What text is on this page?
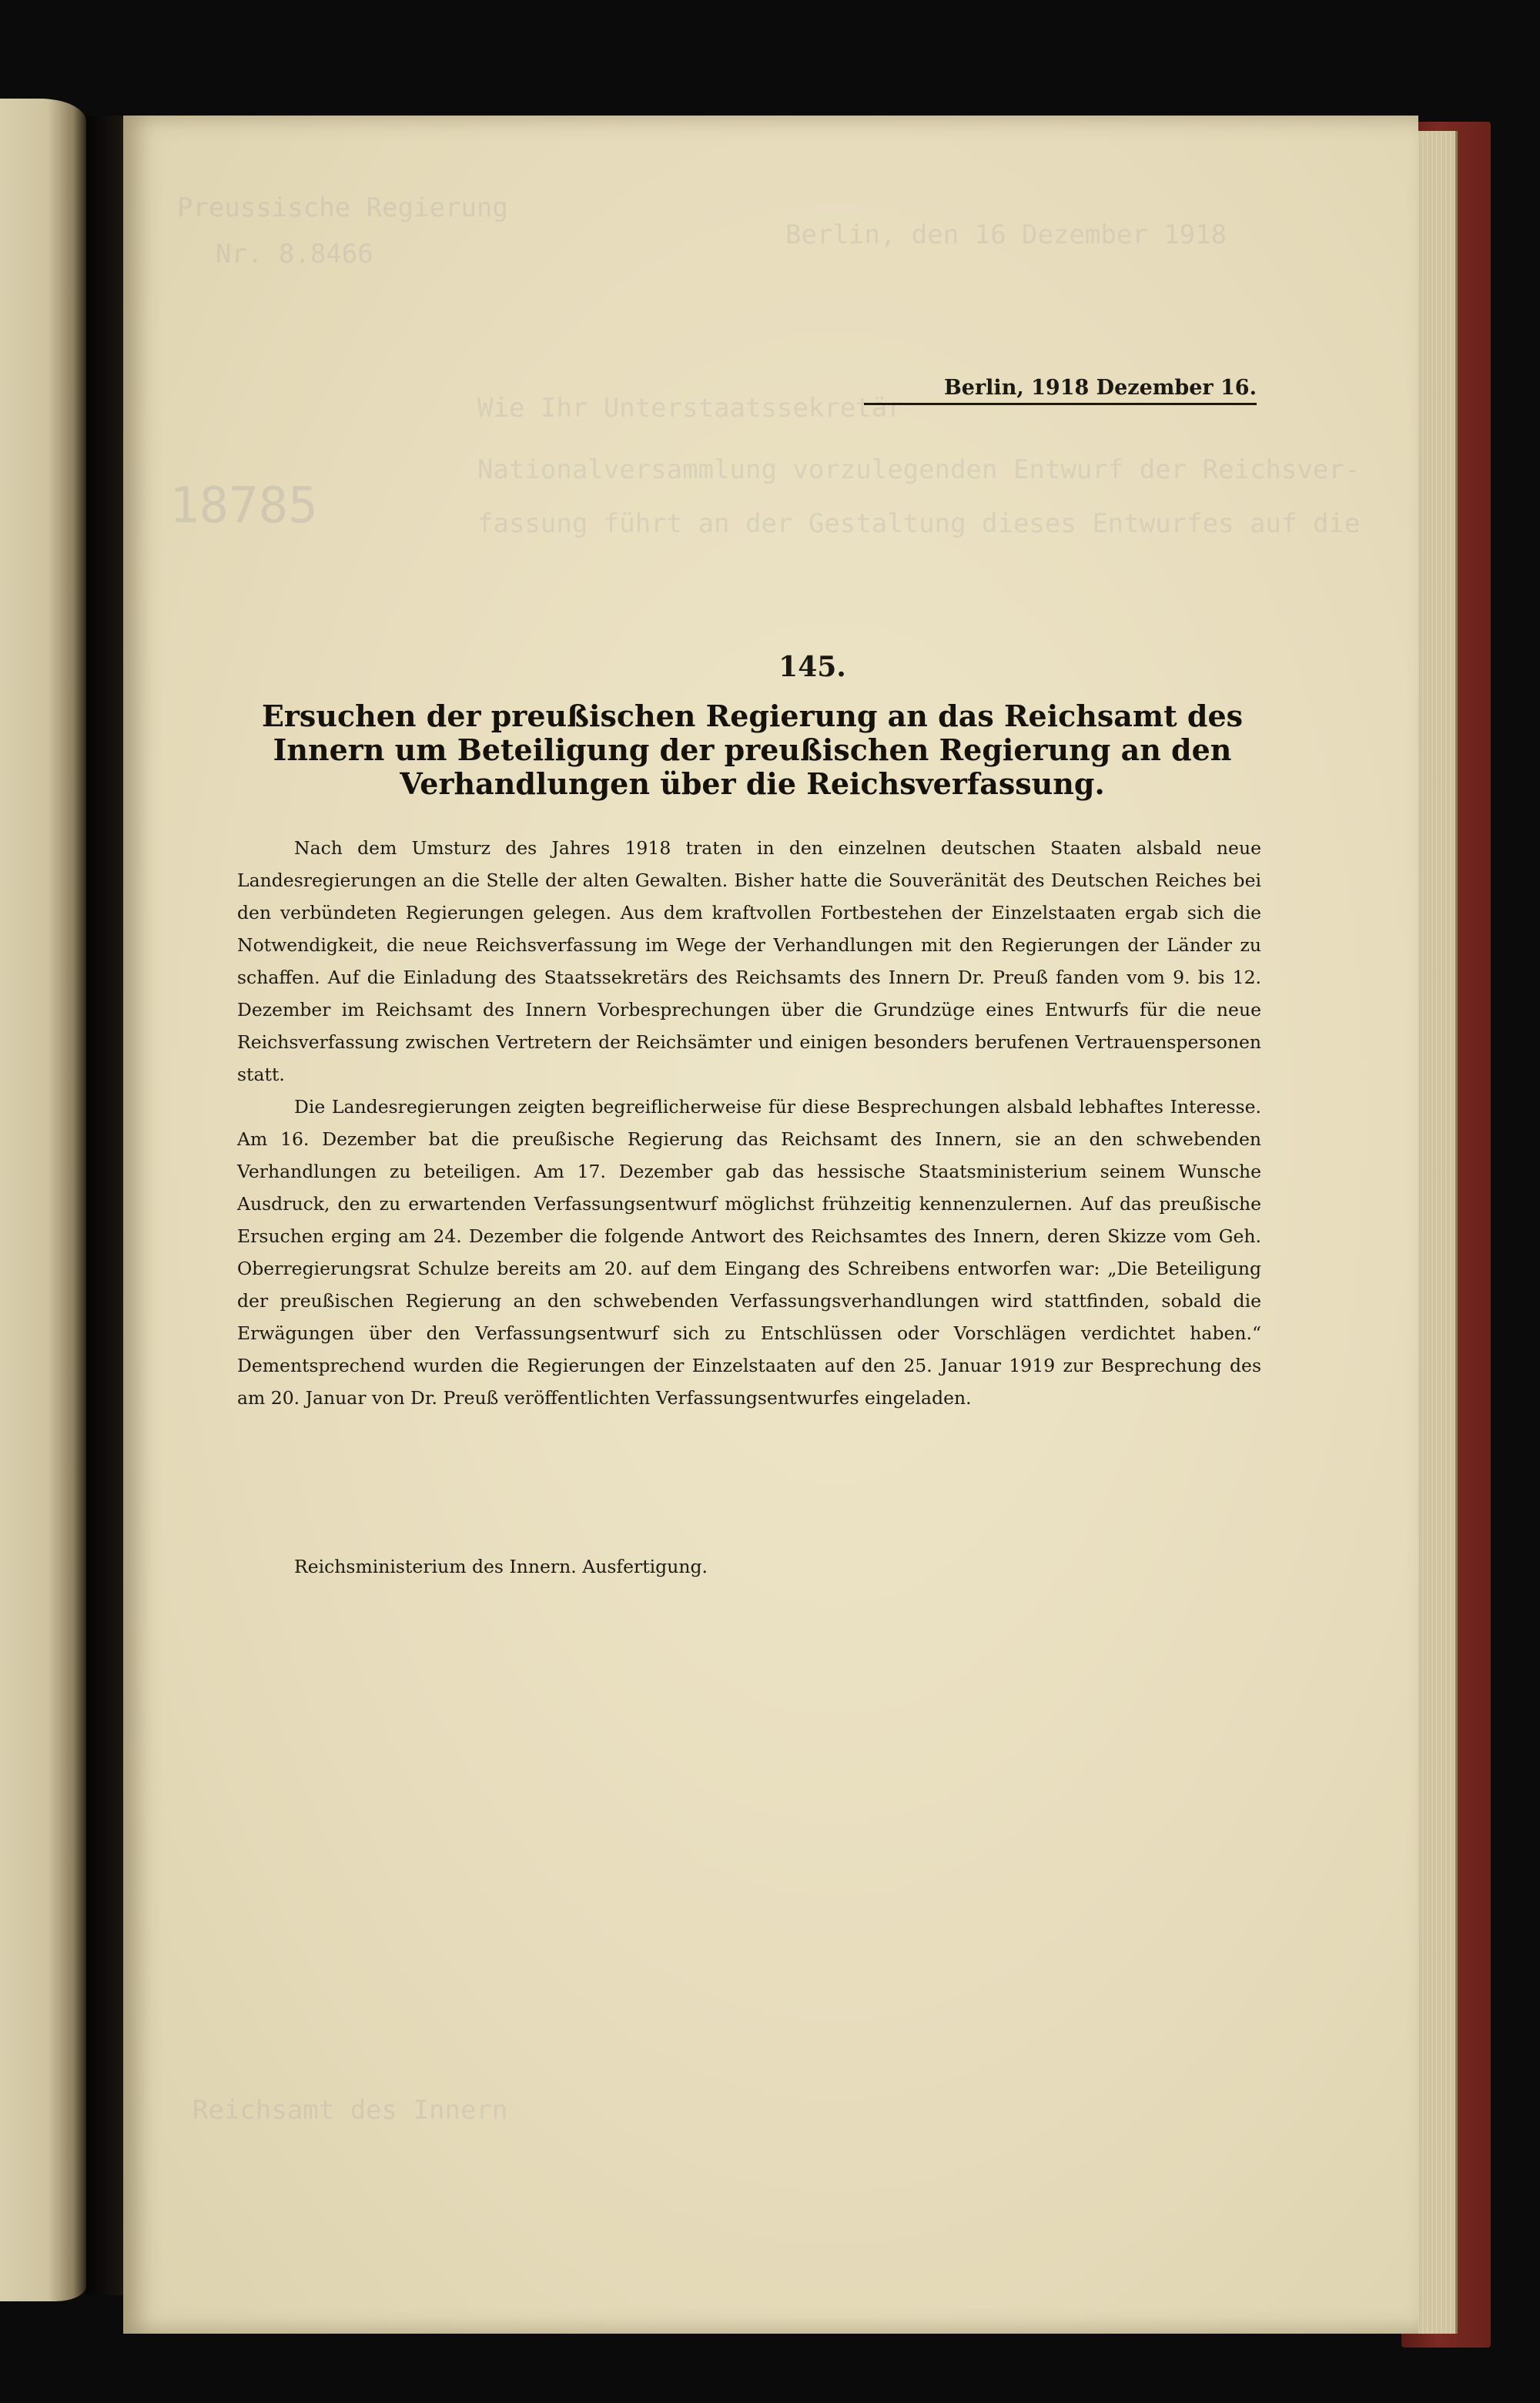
Preussische Regierung
Berlin, den 16 Dezember 1918
Nr. 8.8466
Wie Ihr Unterstaatssekretär
Nationalversammlung vorzulegenden Entwurf der Reichsver-
18785	fassung führt an der Gestaltung dieses Entwurfes auf die
Reichsamt des Innern
Berlin, 1918 Dezember 16.
145.
Ersuchen der preußischen Regierung an das Reichsamt des Innern um Beteiligung der preußischen Regierung an den Verhandlungen über die Reichsverfassung.

Nach dem Umsturz des Jahres 1918 traten in den einzelnen deutschen Staaten alsbald neue Landesregierungen an die Stelle der alten Gewalten. Bisher hatte die Souveränität des Deutschen Reiches bei den verbündeten Regierungen gelegen. Aus dem kraftvollen Fortbestehen der Einzelstaaten ergab sich die Notwendigkeit, die neue Reichsverfassung im Wege der Verhandlungen mit den Regierungen der Länder zu schaffen. Auf die Einladung des Staatssekretärs des Reichsamts des Innern Dr. Preuß fanden vom 9. bis 12. Dezember im Reichsamt des Innern Vorbesprechungen über die Grundzüge eines Entwurfs für die neue Reichsverfassung zwischen Vertretern der Reichsämter und einigen besonders berufenen Vertrauenspersonen statt.

Die Landesregierungen zeigten begreiflicherweise für diese Besprechungen alsbald lebhaftes Interesse. Am 16. Dezember bat die preußische Regierung das Reichsamt des Innern, sie an den schwebenden Verhandlungen zu beteiligen. Am 17. Dezember gab das hessische Staatsministerium seinem Wunsche Ausdruck, den zu erwartenden Verfassungsentwurf möglichst frühzeitig kennenzulernen. Auf das preußische Ersuchen erging am 24. Dezember die folgende Antwort des Reichsamtes des Innern, deren Skizze vom Geh. Oberregierungsrat Schulze bereits am 20. auf dem Eingang des Schreibens entworfen war: „Die Beteiligung der preußischen Regierung an den schwebenden Verfassungsverhandlungen wird stattfinden, sobald die Erwägungen über den Verfassungsentwurf sich zu Entschlüssen oder Vorschlägen verdichtet haben.“ Dementsprechend wurden die Regierungen der Einzelstaaten auf den 25. Januar 1919 zur Besprechung des am 20. Januar von Dr. Preuß veröffentlichten Verfassungsentwurfes eingeladen.

Reichsministerium des Innern. Ausfertigung.
